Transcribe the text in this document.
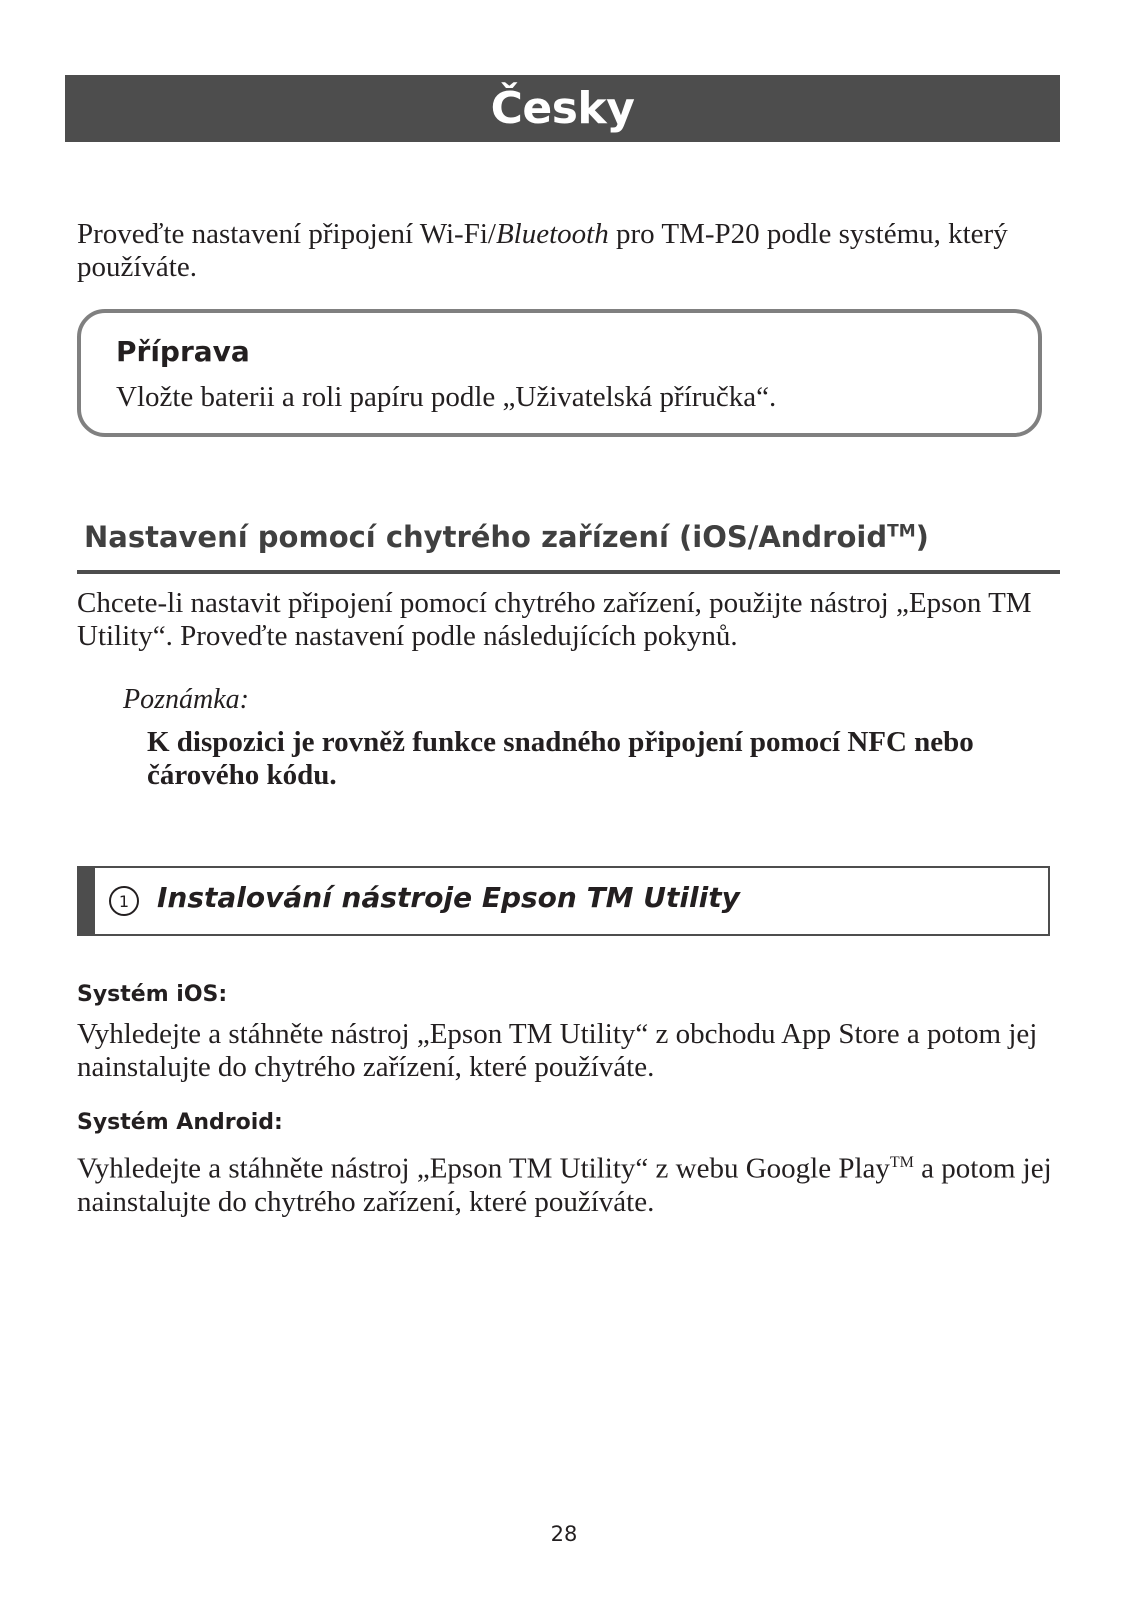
Česky
Proveďte nastavení připojení Wi-Fi/Bluetooth pro TM-P20 podle systému, který používáte.
Příprava
Vložte baterii a roli papíru podle „Uživatelská příručka“.
Nastavení pomocí chytrého zařízení (iOS/Android™)
Chcete-li nastavit připojení pomocí chytrého zařízení, použijte nástroj „Epson TM Utility“. Proveďte nastavení podle následujících pokynů.
Poznámka:
K dispozici je rovněž funkce snadného připojení pomocí NFC nebo čárového kódu.
1 Instalování nástroje Epson TM Utility
Systém iOS:
Vyhledejte a stáhněte nástroj „Epson TM Utility“ z obchodu App Store a potom jej nainstalujte do chytrého zařízení, které používáte.
Systém Android:
Vyhledejte a stáhněte nástroj „Epson TM Utility“ z webu Google Play™ a potom jej nainstalujte do chytrého zařízení, které používáte.
28
